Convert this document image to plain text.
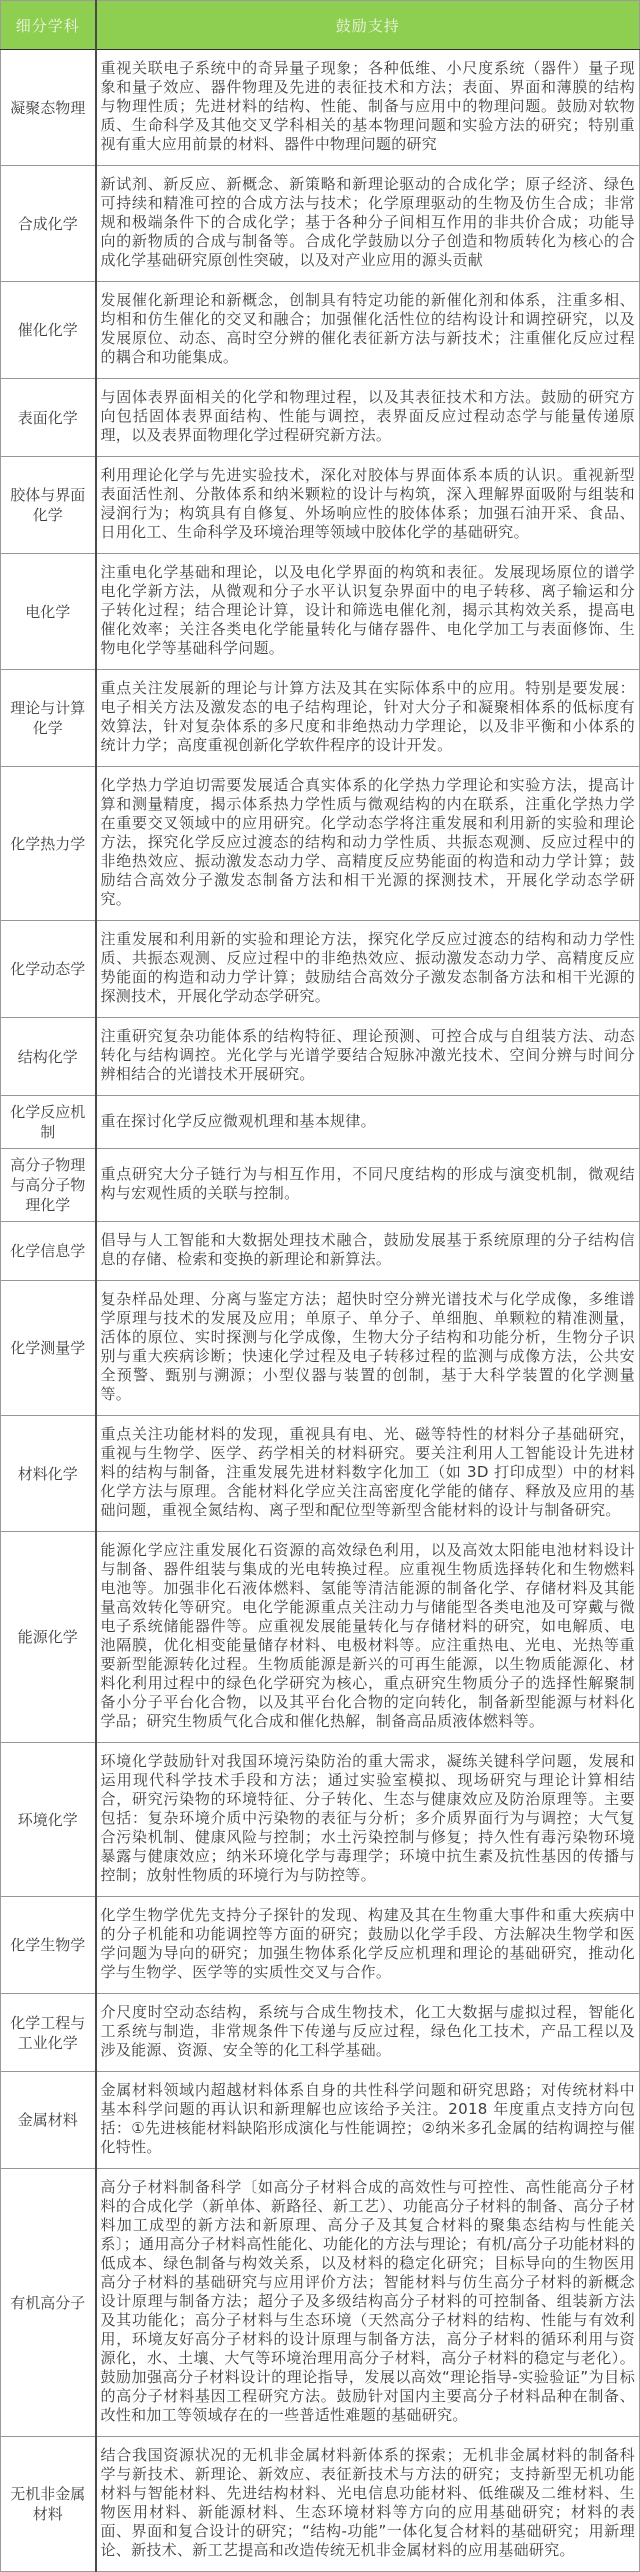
细分学科	鼓励支持
凝聚态物理	重视关联电子系统中的奇异量子现象；各种低维、小尺度系统（器件）量子现象和量子效应、器件物理及先进的表征技术和方法；表面、界面和薄膜的结构与物理性质；先进材料的结构、性能、制备与应用中的物理问题。鼓励对软物质、生命科学及其他交叉学科相关的基本物理问题和实验方法的研究；特别重视有重大应用前景的材料、器件中物理问题的研究
合成化学	新试剂、新反应、新概念、新策略和新理论驱动的合成化学；原子经济、绿色可持续和精准可控的合成方法与技术；化学原理驱动的生物及仿生合成；非常规和极端条件下的合成化学；基于各种分子间相互作用的非共价合成；功能导向的新物质的合成与制备等。合成化学鼓励以分子创造和物质转化为核心的合成化学基础研究原创性突破，以及对产业应用的源头贡献
催化化学	发展催化新理论和新概念，创制具有特定功能的新催化剂和体系，注重多相、均相和仿生催化的交叉和融合；加强催化活性位的结构设计和调控研究，以及发展原位、动态、高时空分辨的催化表征新方法与新技术；注重催化反应过程的耦合和功能集成。
表面化学	与固体表界面相关的化学和物理过程，以及其表征技术和方法。鼓励的研究方向包括固体表界面结构、性能与调控，表界面反应过程动态学与能量传递原理，以及表界面物理化学过程研究新方法。
胶体与界面化学	利用理论化学与先进实验技术，深化对胶体与界面体系本质的认识。重视新型表面活性剂、分散体系和纳米颗粒的设计与构筑，深入理解界面吸附与组装和浸润行为；构筑具有自修复、外场响应性的胶体体系；加强石油开采、食品、日用化工、生命科学及环境治理等领域中胶体化学的基础研究。
电化学	注重电化学基础和理论，以及电化学界面的构筑和表征。发展现场原位的谱学电化学新方法，从微观和分子水平认识复杂界面中的电子转移、离子输运和分子转化过程；结合理论计算，设计和筛选电催化剂，揭示其构效关系，提高电催化效率；关注各类电化学能量转化与储存器件、电化学加工与表面修饰、生物电化学等基础科学问题。
理论与计算化学	重点关注发展新的理论与计算方法及其在实际体系中的应用。特别是要发展：电子相关方法及激发态的电子结构理论，针对大分子和凝聚相体系的低标度有效算法，针对复杂体系的多尺度和非绝热动力学理论，以及非平衡和小体系的统计力学；高度重视创新化学软件程序的设计开发。
化学热力学	化学热力学迫切需要发展适合真实体系的化学热力学理论和实验方法，提高计算和测量精度，揭示体系热力学性质与微观结构的内在联系，注重化学热力学在重要交叉领域中的应用研究。化学动态学将注重发展和利用新的实验和理论方法，探究化学反应过渡态的结构和动力学性质、共振态观测、反应过程中的非绝热效应、振动激发态动力学、高精度反应势能面的构造和动力学计算；鼓励结合高效分子激发态制备方法和相干光源的探测技术，开展化学动态学研究。
化学动态学	注重发展和利用新的实验和理论方法，探究化学反应过渡态的结构和动力学性质、共振态观测、反应过程中的非绝热效应、振动激发态动力学、高精度反应势能面的构造和动力学计算；鼓励结合高效分子激发态制备方法和相干光源的探测技术，开展化学动态学研究。
结构化学	注重研究复杂功能体系的结构特征、理论预测、可控合成与自组装方法、动态转化与结构调控。光化学与光谱学要结合短脉冲激光技术、空间分辨与时间分辨相结合的光谱技术开展研究。
化学反应机制	重在探讨化学反应微观机理和基本规律。
高分子物理与高分子物理化学	重点研究大分子链行为与相互作用，不同尺度结构的形成与演变机制，微观结构与宏观性质的关联与控制。
化学信息学	倡导与人工智能和大数据处理技术融合，鼓励发展基于系统原理的分子结构信息的存储、检索和变换的新理论和新算法。
化学测量学	复杂样品处理、分离与鉴定方法；超快时空分辨光谱技术与化学成像，多维谱学原理与技术的发展及应用；单原子、单分子、单细胞、单颗粒的精准测量，活体的原位、实时探测与化学成像，生物大分子结构和功能分析，生物分子识别与重大疾病诊断；快速化学过程及电子转移过程的监测与成像方法，公共安全预警、甄别与溯源；小型仪器与装置的创制，基于大科学装置的化学测量等。
材料化学	重点关注功能材料的发现，重视具有电、光、磁等特性的材料分子基础研究，重视与生物学、医学、药学相关的材料研究。要关注利用人工智能设计先进材料的结构与制备，注重发展先进材料数字化加工（如 3D 打印成型）中的材料化学方法与原理。含能材料化学应关注高密度化学能的储存、释放及应用的基础问题，重视全氮结构、离子型和配位型等新型含能材料的设计与制备研究。
能源化学	能源化学应注重发展化石资源的高效绿色利用，以及高效太阳能电池材料设计与制备、器件组装与集成的光电转换过程。应重视生物质选择转化和生物燃料电池等。加强非化石液体燃料、氢能等清洁能源的制备化学、存储材料及其能量高效转化等研究。电化学能源重点关注动力与储能型各类电池及可穿戴与微电子系统储能器件等。应重视发展能量转化与存储材料的研究，如电解质、电池隔膜，优化相变能量储存材料、电极材料等。应注重热电、光电、光热等重要新型能源转化过程。生物质能源是新兴的可再生能源，以生物质能源化、材料化利用过程中的绿色化学研究为核心，重点研究生物质分子的选择性解聚制备小分子平台化合物，以及其平台化合物的定向转化，制备新型能源与材料化学品；研究生物质气化合成和催化热解，制备高品质液体燃料等。
环境化学	环境化学鼓励针对我国环境污染防治的重大需求，凝练关键科学问题，发展和运用现代科学技术手段和方法；通过实验室模拟、现场研究与理论计算相结合，研究污染物的环境特征、分子转化、生态与健康效应及防治原理等。主要包括：复杂环境介质中污染物的表征与分析；多介质界面行为与调控；大气复合污染机制、健康风险与控制；水土污染控制与修复；持久性有毒污染物环境暴露与健康效应；纳米环境化学与毒理学；环境中抗生素及抗性基因的传播与控制；放射性物质的环境行为与防控等。
化学生物学	化学生物学优先支持分子探针的发现、构建及其在生物重大事件和重大疾病中的分子机能和功能调控等方面的研究；鼓励以化学手段、方法解决生物学和医学问题为导向的研究；加强生物体系化学反应机理和理论的基础研究，推动化学与生物学、医学等的实质性交叉与合作。
化学工程与工业化学	介尺度时空动态结构，系统与合成生物技术，化工大数据与虚拟过程，智能化工系统与制造，非常规条件下传递与反应过程，绿色化工技术，产品工程以及涉及能源、资源、安全等的化工科学基础。
金属材料	金属材料领域内超越材料体系自身的共性科学问题和研究思路；对传统材料中基本科学问题的再认识和新理解也应该给予关注。2018 年度重点支持方向包括：①先进核能材料缺陷形成演化与性能调控；②纳米多孔金属的结构调控与催化特性。
有机高分子	高分子材料制备科学〔如高分子材料合成的高效性与可控性、高性能高分子材料的合成化学（新单体、新路径、新工艺）、功能高分子材料的制备、高分子材料加工成型的新方法和新原理、高分子及其复合材料的聚集态结构与性能关系〕；通用高分子材料高性能化、功能化的方法与理论；有机/高分子功能材料的低成本、绿色制备与构效关系，以及材料的稳定化研究；目标导向的生物医用高分子材料的基础研究与应用评价方法；智能材料与仿生高分子材料的新概念设计原理与制备方法；超分子及多级结构高分子材料的可控制备、组装新方法及其功能化；高分子材料与生态环境（天然高分子材料的结构、性能与有效利用，环境友好高分子材料的设计原理与制备方法，高分子材料的循环利用与资源化，水、土壤、大气等环境治理用高分子材料，高分子材料的稳定与老化）。鼓励加强高分子材料设计的理论指导，发展以高效“理论指导-实验验证”为目标的高分子材料基因工程研究方法。鼓励针对国内主要高分子材料品种在制备、改性和加工等领域存在的一些普适性难题的基础研究。
无机非金属材料	结合我国资源状况的无机非金属材料新体系的探索；无机非金属材料的制备科学与新技术、新理论、新效应、表征新技术与方法的研究；支持新型无机功能材料与智能材料、先进结构材料、光电信息功能材料、低维碳及二维材料、生物医用材料、新能源材料、生态环境材料等方向的应用基础研究；材料的表面、界面和复合设计的研究；“结构-功能”一体化复合材料的基础研究；用新理论、新技术、新工艺提高和改造传统无机非金属材料的应用基础研究。
